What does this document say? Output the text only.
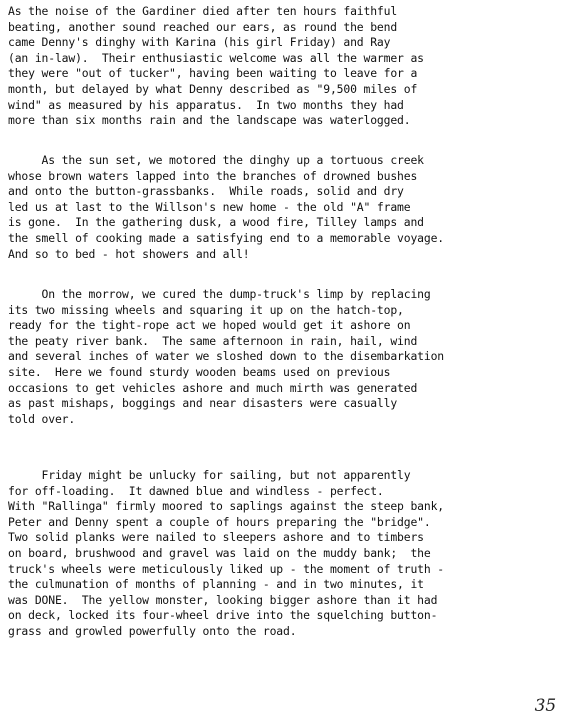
As the noise of the Gardiner died after ten hours faithful
beating, another sound reached our ears, as round the bend
came Denny's dinghy with Karina (his girl Friday) and Ray
(an in-law).  Their enthusiastic welcome was all the warmer as
they were "out of tucker", having been waiting to leave for a
month, but delayed by what Denny described as "9,500 miles of
wind" as measured by his apparatus.  In two months they had
more than six months rain and the landscape was waterlogged.
As the sun set, we motored the dinghy up a tortuous creek
whose brown waters lapped into the branches of drowned bushes
and onto the button-grassbanks.  While roads, solid and dry
led us at last to the Willson's new home - the old "A" frame
is gone.  In the gathering dusk, a wood fire, Tilley lamps and
the smell of cooking made a satisfying end to a memorable voyage.
And so to bed - hot showers and all!
On the morrow, we cured the dump-truck's limp by replacing
its two missing wheels and squaring it up on the hatch-top,
ready for the tight-rope act we hoped would get it ashore on
the peaty river bank.  The same afternoon in rain, hail, wind
and several inches of water we sloshed down to the disembarkation
site.  Here we found sturdy wooden beams used on previous
occasions to get vehicles ashore and much mirth was generated
as past mishaps, boggings and near disasters were casually
told over.
Friday might be unlucky for sailing, but not apparently
for off-loading.  It dawned blue and windless - perfect.
With "Rallinga" firmly moored to saplings against the steep bank,
Peter and Denny spent a couple of hours preparing the "bridge".
Two solid planks were nailed to sleepers ashore and to timbers
on board, brushwood and gravel was laid on the muddy bank;  the
truck's wheels were meticulously liked up - the moment of truth -
the culmunation of months of planning - and in two minutes, it
was DONE.  The yellow monster, looking bigger ashore than it had
on deck, locked its four-wheel drive into the squelching button-
grass and growled powerfully onto the road.
35
